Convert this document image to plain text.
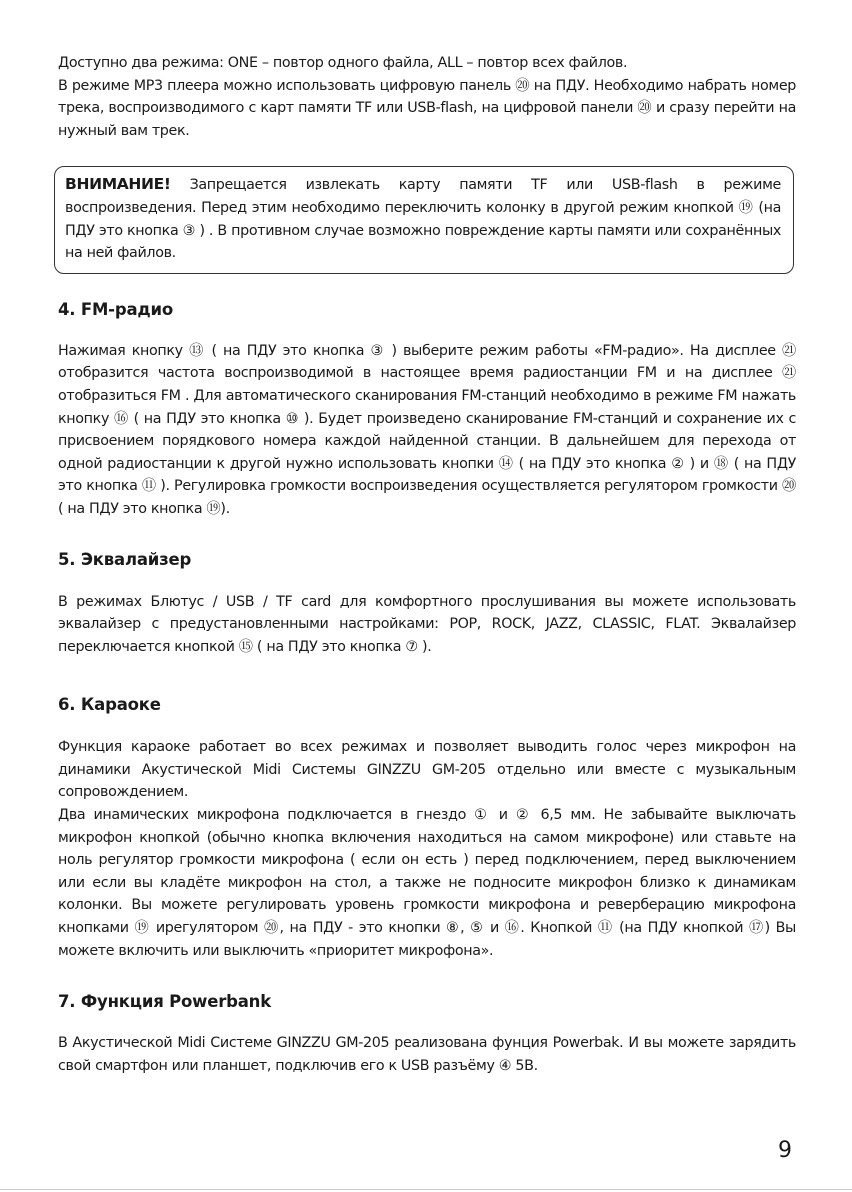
Доступно два режима: ONE – повтор одного файла, ALL – повтор всех файлов.

В режиме MP3 плеера можно использовать цифровую панель ⑳ на ПДУ. Необходимо набрать номер трека, воспроизводимого с карт памяти TF или USB-flash, на цифровой панели ⑳ и сразу перейти на нужный вам трек.

ВНИМАНИЕ! Запрещается извлекать карту памяти TF или USB-flash в режиме воспроизведения. Перед этим необходимо переключить колонку в другой режим кнопкой ⑲ (на ПДУ это кнопка ③ ) . В противном случае возможно повреждение карты памяти или сохранённых на ней файлов.

4. FM-радио

Нажимая кнопку ⑬ ( на ПДУ это кнопка ③ ) выберите режим работы «FM-радио». На дисплее ㉑ отобразится частота воспроизводимой в настоящее время радиостанции FM и на дисплее ㉑ отобразиться FM . Для автоматического сканирования FM-станций необходимо в режиме FM нажать кнопку ⑯ ( на ПДУ это кнопка ⑩ ). Будет произведено сканирование FM-станций и сохранение их с присвоением порядкового номера каждой найденной станции. В дальнейшем для перехода от одной радиостанции к другой нужно использовать кнопки ⑭ ( на ПДУ это кнопка ② ) и ⑱ ( на ПДУ это кнопка ⑪ ). Регулировка громкости воспроизведения осуществляется регулятором громкости ⑳ ( на ПДУ это кнопка ⑲).

5. Эквалайзер

В режимах Блютус / USB / TF card для комфортного прослушивания вы можете использовать эквалайзер с предустановленными настройками: POP, ROCK, JAZZ, CLASSIC, FLAT. Эквалайзер переключается кнопкой ⑮ ( на ПДУ это кнопка ⑦ ).

6. Караоке

Функция караоке работает во всех режимах и позволяет выводить голос через микрофон на динамики Акустической Midi Системы GINZZU GM-205 отдельно или вместе с музыкальным сопровождением.

Два инамических микрофона подключается в гнездо ① и ② 6,5 мм. Не забывайте выключать микрофон кнопкой (обычно кнопка включения находиться на самом микрофоне) или ставьте на ноль регулятор громкости микрофона ( если он есть ) перед подключением, перед выключением или если вы кладёте микрофон на стол, а также не подносите микрофон близко к динамикам колонки. Вы можете регулировать уровень громкости микрофона и реверберацию микрофона кнопками ⑲ ирегулятором ⑳, на ПДУ - это кнопки ⑧, ⑤ и ⑯. Кнопкой ⑪ (на ПДУ кнопкой ⑰) Вы можете включить или выключить «приоритет микрофона».

7. Функция Powerbank

В Акустической Midi Системе GINZZU GM-205 реализована фунция Powerbak. И вы можете зарядить свой смартфон или планшет, подключив его к USB разъёму ④ 5В.

9
